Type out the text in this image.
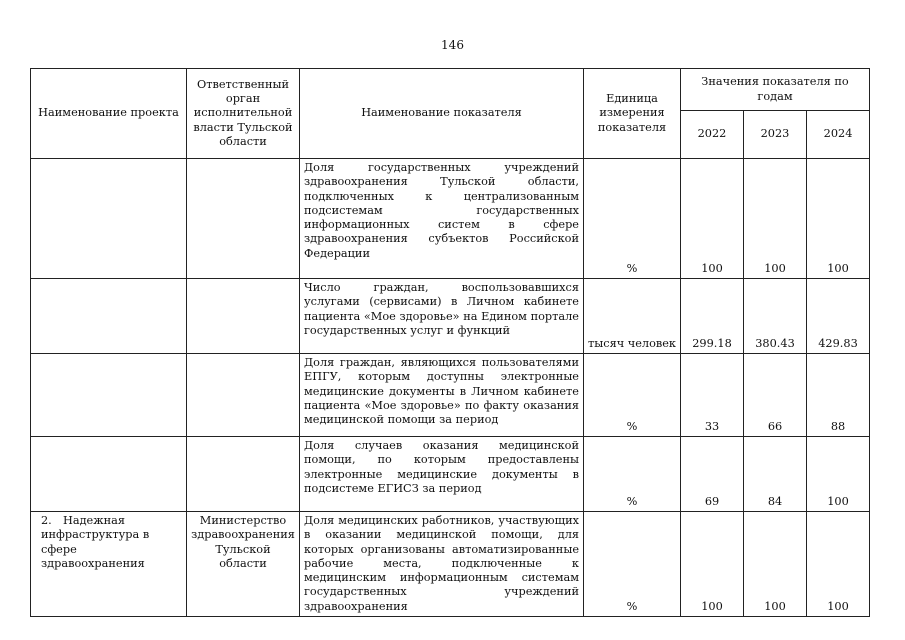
146
Наименование проекта	Ответственный орган исполнительной власти Тульской области	Наименование показателя	Единица измерения показателя	Значения показателя по годам		
				2022	2023	2024
		Доля государственных учреждений здравоохранения Тульской области, подключенных к централизованным подсистемам государственных информационных систем в сфере здравоохранения субъектов Российской Федерации	%	100	100	100
		Число граждан, воспользовавшихся услугами (сервисами) в Личном кабинете пациента «Мое здоровье» на Едином портале государственных услуг и функций	тысяч человек	299.18	380.43	429.83
		Доля граждан, являющихся пользователями ЕПГУ, которым доступны электронные медицинские документы в Личном кабинете пациента «Мое здоровье» по факту оказания медицинской помощи за период	%	33	66	88
		Доля случаев оказания медицинской помощи, по которым предоставлены электронные медицинские документы в подсистеме ЕГИСЗ за период	%	69	84	100
2. Надежная инфраструктура в сфере здравоохранения	Министерство здравоохранения Тульской области	Доля медицинских работников, участвующих в оказании медицинской помощи, для которых организованы автоматизированные рабочие места, подключенные к медицинским информационным системам государственных учреждений здравоохранения	%	100	100	100
